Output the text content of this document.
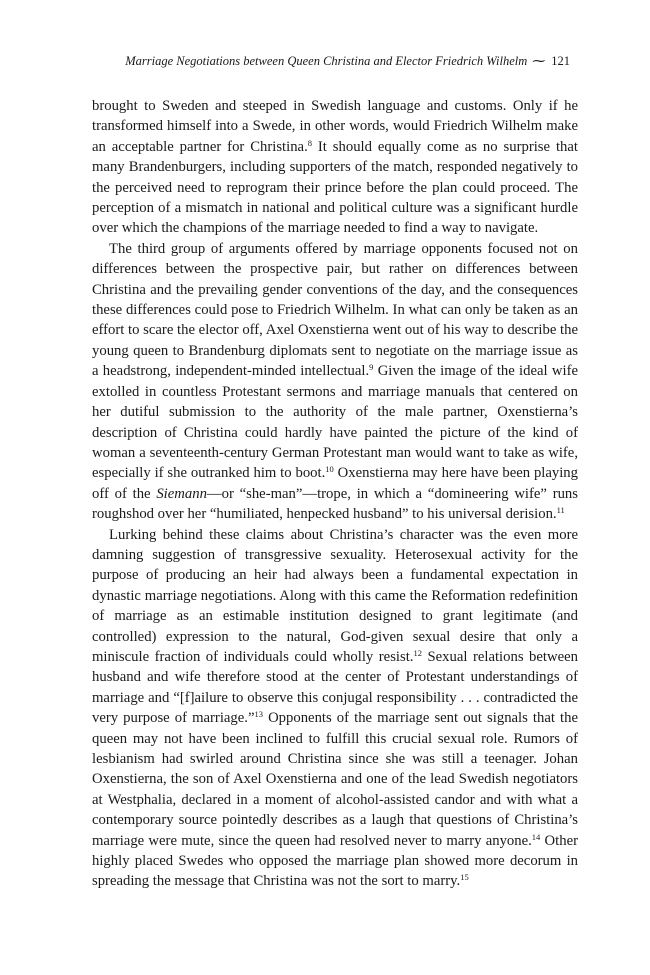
Marriage Negotiations between Queen Christina and Elector Friedrich Wilhelm ⁓ 121

brought to Sweden and steeped in Swedish language and customs. Only if he transformed himself into a Swede, in other words, would Friedrich Wilhelm make an acceptable partner for Christina.$^8$ It should equally come as no surprise that many Brandenburgers, including supporters of the match, responded negatively to the perceived need to reprogram their prince before the plan could proceed. The perception of a mismatch in national and political culture was a significant hurdle over which the champions of the marriage needed to find a way to navigate.

The third group of arguments offered by marriage opponents focused not on differences between the prospective pair, but rather on differences between Christina and the prevailing gender conventions of the day, and the consequences these differences could pose to Friedrich Wilhelm. In what can only be taken as an effort to scare the elector off, Axel Oxenstierna went out of his way to describe the young queen to Brandenburg diplomats sent to negotiate on the marriage issue as a headstrong, independent-minded intellectual.$^9$ Given the image of the ideal wife extolled in countless Protestant sermons and marriage manuals that centered on her dutiful submission to the authority of the male partner, Oxenstierna’s description of Christina could hardly have painted the picture of the kind of woman a seventeenth-century German Protestant man would want to take as wife, especially if she outranked him to boot.$^{10}$ Oxenstierna may here have been playing off of the Siemann—or “she-man”—trope, in which a “domineering wife” runs roughshod over her “humiliated, henpecked husband” to his universal derision.$^{11}$

Lurking behind these claims about Christina’s character was the even more damning suggestion of transgressive sexuality. Heterosexual activity for the purpose of producing an heir had always been a fundamental expectation in dynastic marriage negotiations. Along with this came the Reformation redefinition of marriage as an estimable institution designed to grant legitimate (and controlled) expression to the natural, God-given sexual desire that only a miniscule fraction of individuals could wholly resist.$^{12}$ Sexual relations between husband and wife therefore stood at the center of Protestant understandings of marriage and “[f]ailure to observe this conjugal responsibility . . . contradicted the very purpose of marriage.”$^{13}$ Opponents of the marriage sent out signals that the queen may not have been inclined to fulfill this crucial sexual role. Rumors of lesbianism had swirled around Christina since she was still a teenager. Johan Oxenstierna, the son of Axel Oxenstierna and one of the lead Swedish negotiators at Westphalia, declared in a moment of alcohol-assisted candor and with what a contemporary source pointedly describes as a laugh that questions of Christina’s marriage were mute, since the queen had resolved never to marry anyone.$^{14}$ Other highly placed Swedes who opposed the marriage plan showed more decorum in spreading the message that Christina was not the sort to marry.$^{15}$
